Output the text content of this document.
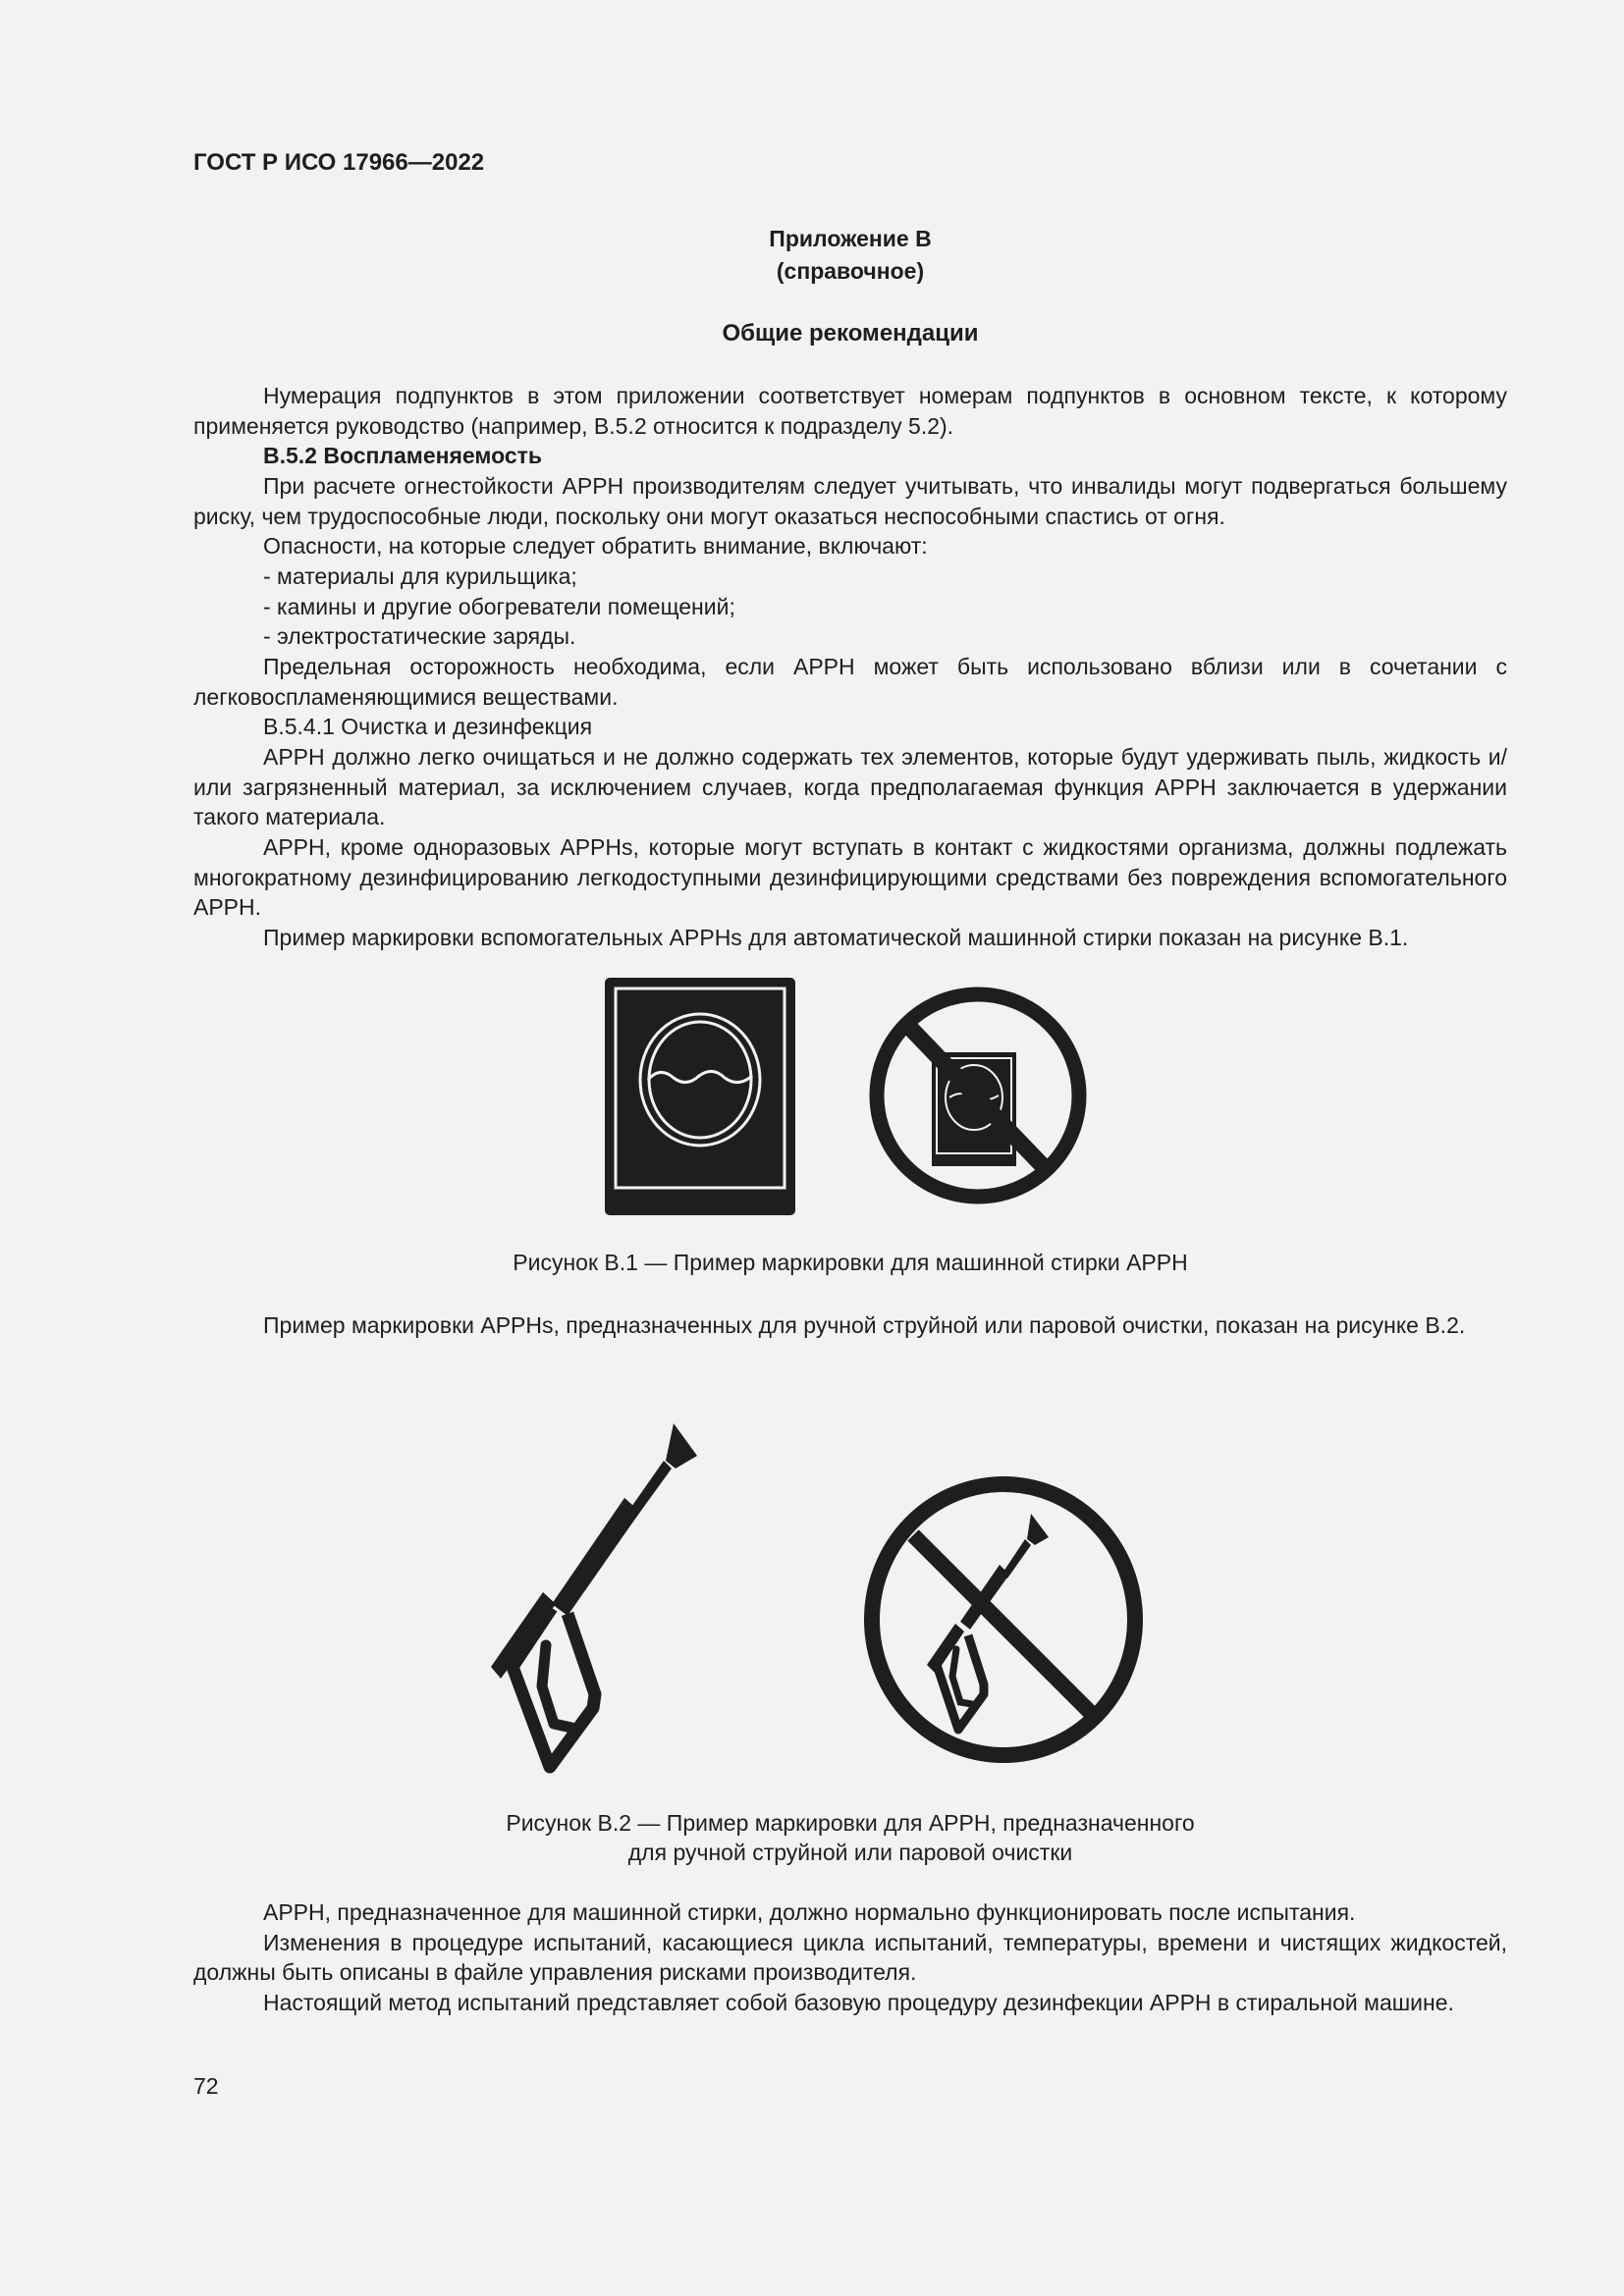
ГОСТ Р ИСО 17966—2022
Приложение В
(справочное)
Общие рекомендации

Нумерация подпунктов в этом приложении соответствует номерам подпунктов в основном тексте, к которому применяется руководство (например, В.5.2 относится к подразделу 5.2).

В.5.2 Воспламеняемость

При расчете огнестойкости АРРН производителям следует учитывать, что инвалиды могут подвергаться большему риску, чем трудоспособные люди, поскольку они могут оказаться неспособными спастись от огня.

Опасности, на которые следует обратить внимание, включают:

- материалы для курильщика;

- камины и другие обогреватели помещений;

- электростатические заряды.

Предельная осторожность необходима, если АРРН может быть использовано вблизи или в сочетании с легковоспламеняющимися веществами.

В.5.4.1 Очистка и дезинфекция

АРРН должно легко очищаться и не должно содержать тех элементов, которые будут удерживать пыль, жидкость и/или загрязненный материал, за исключением случаев, когда предполагаемая функция АРРН заключается в удержании такого материала.

АРРН, кроме одноразовых АРРНs, которые могут вступать в контакт с жидкостями организма, должны подлежать многократному дезинфицированию легкодоступными дезинфицирующими средствами без повреждения вспомогательного АРРН.

Пример маркировки вспомогательных АРРНs для автоматической машинной стирки показан на рисунке В.1.

Рисунок В.1 — Пример маркировки для машинной стирки АРРН

Пример маркировки АРРНs, предназначенных для ручной струйной или паровой очистки, показан на рисунке В.2.

Рисунок В.2 — Пример маркировки для АРРН, предназначенного
для ручной струйной или паровой очистки

АРРН, предназначенное для машинной стирки, должно нормально функционировать после испытания.

Изменения в процедуре испытаний, касающиеся цикла испытаний, температуры, времени и чистящих жидкостей, должны быть описаны в файле управления рисками производителя.

Настоящий метод испытаний представляет собой базовую процедуру дезинфекции АРРН в стиральной машине.

72
